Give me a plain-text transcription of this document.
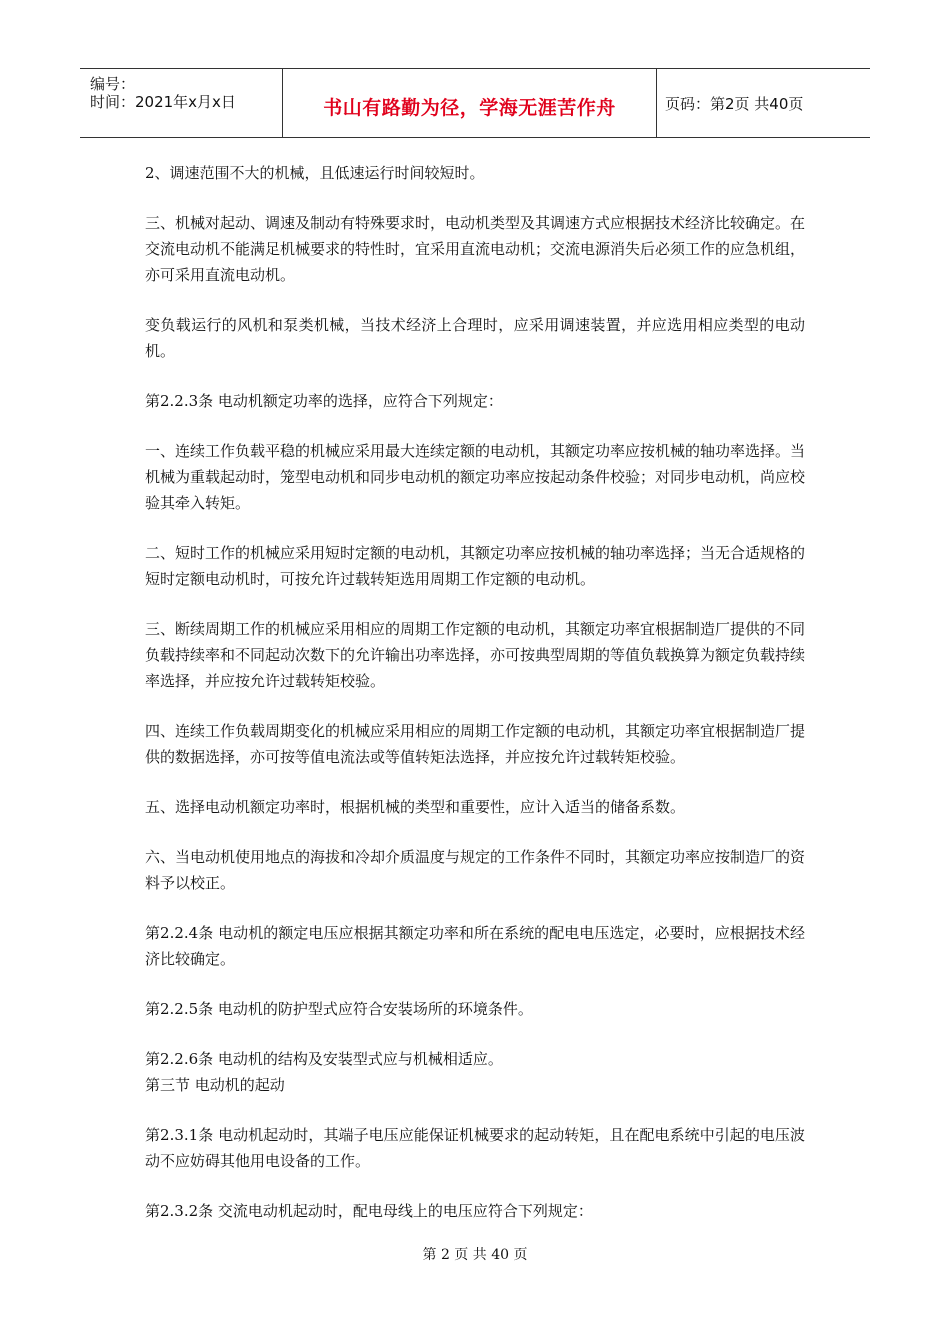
编号：
时间：2021年x月x日	书山有路勤为径，学海无涯苦作舟	页码：第2页 共40页

2、调速范围不大的机械，且低速运行时间较短时。

三、机械对起动、调速及制动有特殊要求时，电动机类型及其调速方式应根据技术经济比较确定。在交流电动机不能满足机械要求的特性时，宜采用直流电动机；交流电源消失后必须工作的应急机组，亦可采用直流电动机。

变负载运行的风机和泵类机械，当技术经济上合理时，应采用调速装置，并应选用相应类型的电动机。

第2.2.3条 电动机额定功率的选择，应符合下列规定：

一、连续工作负载平稳的机械应采用最大连续定额的电动机，其额定功率应按机械的轴功率选择。当机械为重载起动时，笼型电动机和同步电动机的额定功率应按起动条件校验；对同步电动机，尚应校验其牵入转矩。

二、短时工作的机械应采用短时定额的电动机，其额定功率应按机械的轴功率选择；当无合适规格的短时定额电动机时，可按允许过载转矩选用周期工作定额的电动机。

三、断续周期工作的机械应采用相应的周期工作定额的电动机，其额定功率宜根据制造厂提供的不同负载持续率和不同起动次数下的允许输出功率选择，亦可按典型周期的等值负载换算为额定负载持续率选择，并应按允许过载转矩校验。

四、连续工作负载周期变化的机械应采用相应的周期工作定额的电动机，其额定功率宜根据制造厂提供的数据选择，亦可按等值电流法或等值转矩法选择，并应按允许过载转矩校验。

五、选择电动机额定功率时，根据机械的类型和重要性，应计入适当的储备系数。

六、当电动机使用地点的海拔和冷却介质温度与规定的工作条件不同时，其额定功率应按制造厂的资料予以校正。

第2.2.4条 电动机的额定电压应根据其额定功率和所在系统的配电电压选定，必要时，应根据技术经济比较确定。

第2.2.5条 电动机的防护型式应符合安装场所的环境条件。

第2.2.6条 电动机的结构及安装型式应与机械相适应。

第三节 电动机的起动

第2.3.1条 电动机起动时，其端子电压应能保证机械要求的起动转矩，且在配电系统中引起的电压波动不应妨碍其他用电设备的工作。

第2.3.2条 交流电动机起动时，配电母线上的电压应符合下列规定：

第 2 页 共 40 页
